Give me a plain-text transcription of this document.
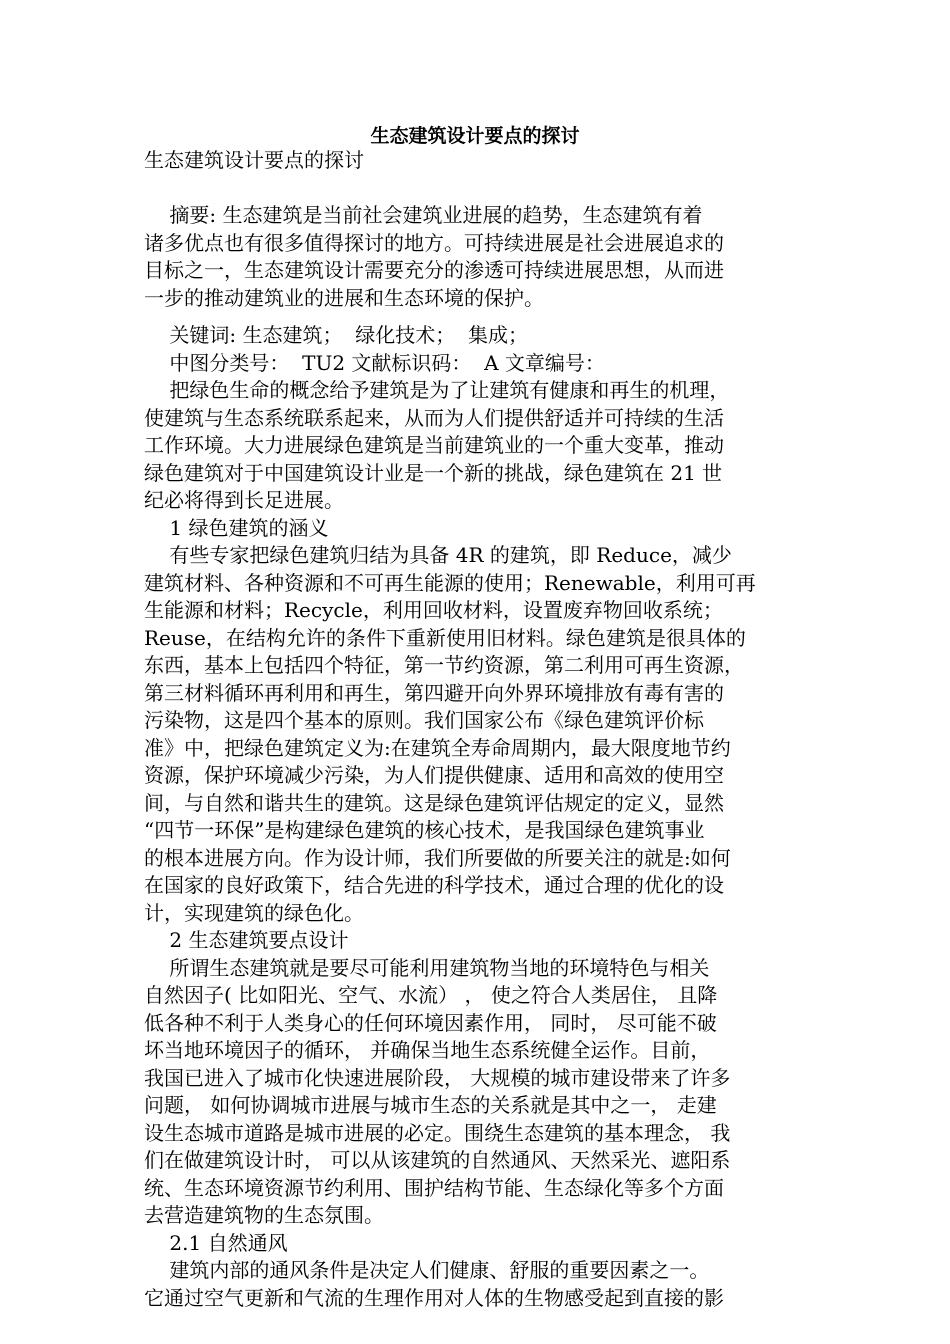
生态建筑设计要点的探讨
生态建筑设计要点的探讨
摘要: 生态建筑是当前社会建筑业进展的趋势，生态建筑有着
诸多优点也有很多值得探讨的地方。可持续进展是社会进展追求的
目标之一，生态建筑设计需要充分的渗透可持续进展思想，从而进
一步的推动建筑业的进展和生态环境的保护。
关键词: 生态建筑；  绿化技术；  集成；
中图分类号：  TU2 文献标识码：  A 文章编号：
把绿色生命的概念给予建筑是为了让建筑有健康和再生的机理，
使建筑与生态系统联系起来，从而为人们提供舒适并可持续的生活
工作环境。大力进展绿色建筑是当前建筑业的一个重大变革，推动
绿色建筑对于中国建筑设计业是一个新的挑战，绿色建筑在 21 世
纪必将得到长足进展。
1 绿色建筑的涵义
有些专家把绿色建筑归结为具备 4R 的建筑，即 Reduce，减少
建筑材料、各种资源和不可再生能源的使用；Renewable，利用可再
生能源和材料；Recycle，利用回收材料，设置废弃物回收系统；
Reuse，在结构允许的条件下重新使用旧材料。绿色建筑是很具体的
东西，基本上包括四个特征，第一节约资源，第二利用可再生资源，
第三材料循环再利用和再生，第四避开向外界环境排放有毒有害的
污染物，这是四个基本的原则。我们国家公布《绿色建筑评价标
准》中，把绿色建筑定义为:在建筑全寿命周期内，最大限度地节约
资源，保护环境减少污染，为人们提供健康、适用和高效的使用空
间，与自然和谐共生的建筑。这是绿色建筑评估规定的定义，显然
“四节一环保”是构建绿色建筑的核心技术，是我国绿色建筑事业
的根本进展方向。作为设计师，我们所要做的所要关注的就是:如何
在国家的良好政策下，结合先进的科学技术，通过合理的优化的设
计，实现建筑的绿色化。
2 生态建筑要点设计
所谓生态建筑就是要尽可能利用建筑物当地的环境特色与相关
自然因子( 比如阳光、空气、水流） ， 使之符合人类居住， 且降
低各种不利于人类身心的任何环境因素作用， 同时， 尽可能不破
坏当地环境因子的循环， 并确保当地生态系统健全运作。目前，
我国已进入了城市化快速进展阶段， 大规模的城市建设带来了许多
问题， 如何协调城市进展与城市生态的关系就是其中之一， 走建
设生态城市道路是城市进展的必定。围绕生态建筑的基本理念， 我
们在做建筑设计时， 可以从该建筑的自然通风、天然采光、遮阳系
统、生态环境资源节约利用、围护结构节能、生态绿化等多个方面
去营造建筑物的生态氛围。
2.1 自然通风
建筑内部的通风条件是决定人们健康、舒服的重要因素之一。
它通过空气更新和气流的生理作用对人体的生物感受起到直接的影
